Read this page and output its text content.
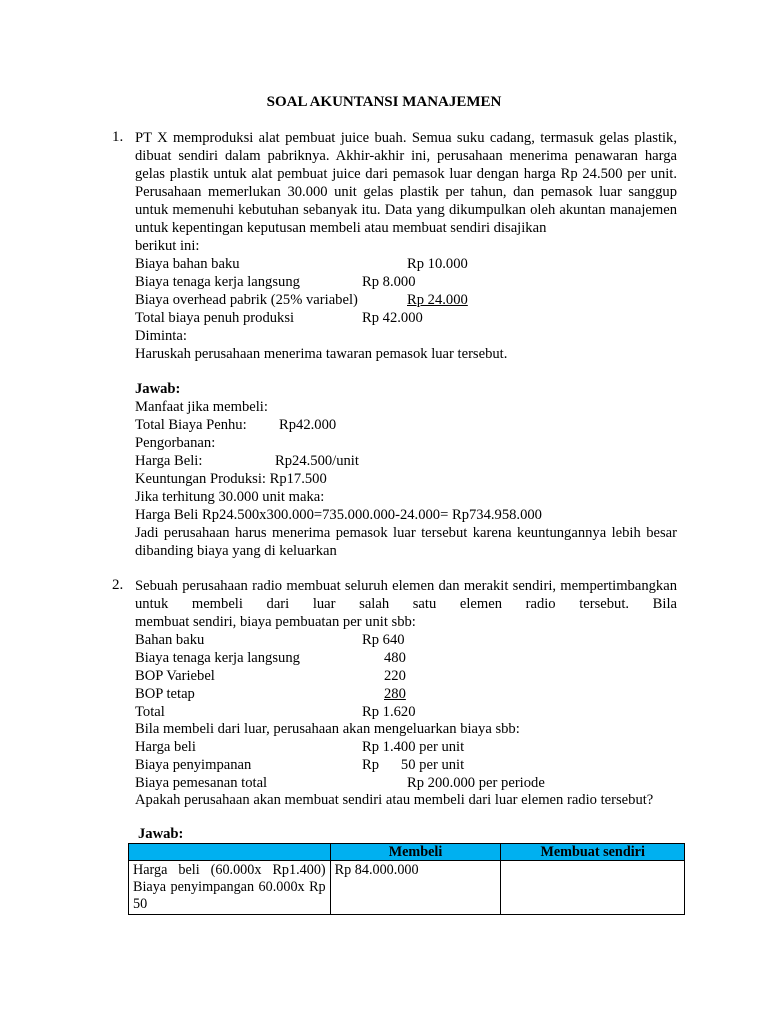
SOAL AKUNTANSI MANAJEMEN
1. PT X memproduksi alat pembuat juice buah. Semua suku cadang, termasuk gelas plastik, dibuat sendiri dalam pabriknya. Akhir-akhir ini, perusahaan menerima penawaran harga gelas plastik untuk alat pembuat juice dari pemasok luar dengan harga Rp 24.500 per unit. Perusahaan memerlukan 30.000 unit gelas plastik per tahun, dan pemasok luar sanggup untuk memenuhi kebutuhan sebanyak itu. Data yang dikumpulkan oleh akuntan manajemen untuk kepentingan keputusan membeli atau membuat sendiri disajikan
berikut ini:
Biaya bahan baku	Rp 10.000
Biaya tenaga kerja langsung	Rp 8.000
Biaya overhead pabrik (25% variabel)	Rp 24.000
Total biaya penuh produksi	Rp 42.000
Diminta:
Haruskah perusahaan menerima tawaran pemasok luar tersebut.
Jawab:
Manfaat jika membeli:
Total Biaya Penhu: Rp42.000
Pengorbanan:
Harga Beli:	Rp24.500/unit
Keuntungan Produksi: Rp17.500
Jika terhitung 30.000 unit maka:
Harga Beli Rp24.500x300.000=735.000.000-24.000= Rp734.958.000
Jadi perusahaan harus menerima pemasok luar tersebut karena keuntungannya lebih besar
dibanding biaya yang di keluarkan
2. Sebuah perusahaan radio membuat seluruh elemen dan merakit sendiri, mempertimbangkan untuk membeli dari luar salah satu elemen radio tersebut. Bila
membuat sendiri, biaya pembuatan per unit sbb:
Bahan baku	Rp 640
Biaya tenaga kerja langsung	480
BOP Variebel	220
BOP tetap	280
Total	Rp 1.620
Bila membeli dari luar, perusahaan akan mengeluarkan biaya sbb:
Harga beli	Rp 1.400 per unit
Biaya penyimpanan	Rp      50 per unit
Biaya pemesanan total	Rp 200.000 per periode
Apakah perusahaan akan membuat sendiri atau membeli dari luar elemen radio tersebut?
Jawab:
	Membeli	Membuat sendiri
Harga beli (60.000x Rp1.400) Biaya penyimpangan 60.000x Rp 50	Rp 84.000.000	
